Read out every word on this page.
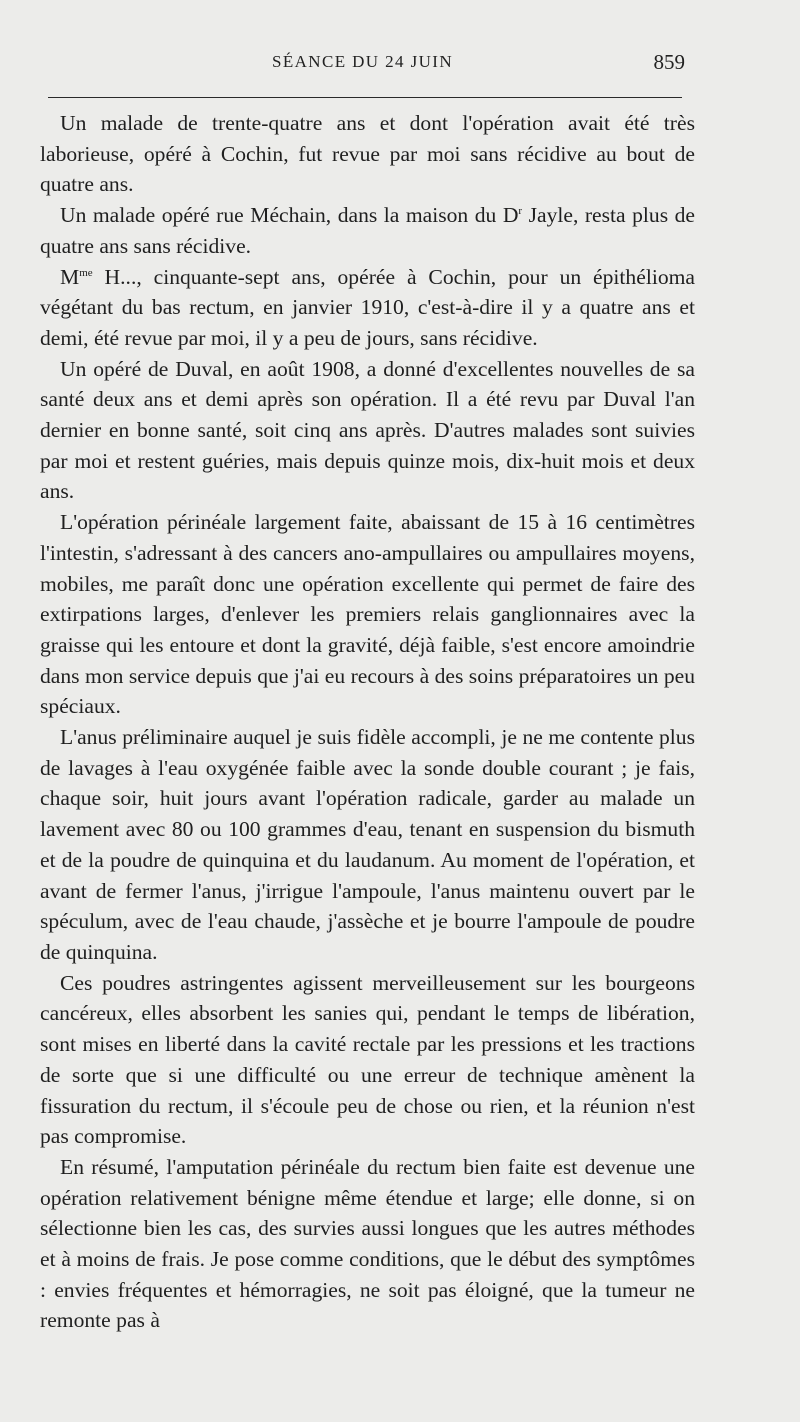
SÉANCE DU 24 JUIN	859

Un malade de trente-quatre ans et dont l'opération avait été très laborieuse, opéré à Cochin, fut revue par moi sans récidive au bout de quatre ans.

Un malade opéré rue Méchain, dans la maison du $D^r$ Jayle, resta plus de quatre ans sans récidive.

$M^{me}$ H..., cinquante-sept ans, opérée à Cochin, pour un épithélioma végétant du bas rectum, en janvier 1910, c'est-à-dire il y a quatre ans et demi, été revue par moi, il y a peu de jours, sans récidive.

Un opéré de Duval, en août 1908, a donné d'excellentes nouvelles de sa santé deux ans et demi après son opération. Il a été revu par Duval l'an dernier en bonne santé, soit cinq ans après. D'autres malades sont suivies par moi et restent guéries, mais depuis quinze mois, dix-huit mois et deux ans.

L'opération périnéale largement faite, abaissant de 15 à 16 centimètres l'intestin, s'adressant à des cancers ano-ampullaires ou ampullaires moyens, mobiles, me paraît donc une opération excellente qui permet de faire des extirpations larges, d'enlever les premiers relais ganglionnaires avec la graisse qui les entoure et dont la gravité, déjà faible, s'est encore amoindrie dans mon service depuis que j'ai eu recours à des soins préparatoires un peu spéciaux.

L'anus préliminaire auquel je suis fidèle accompli, je ne me contente plus de lavages à l'eau oxygénée faible avec la sonde double courant ; je fais, chaque soir, huit jours avant l'opération radicale, garder au malade un lavement avec 80 ou 100 grammes d'eau, tenant en suspension du bismuth et de la poudre de quinquina et du laudanum. Au moment de l'opération, et avant de fermer l'anus, j'irrigue l'ampoule, l'anus maintenu ouvert par le spéculum, avec de l'eau chaude, j'assèche et je bourre l'ampoule de poudre de quinquina.

Ces poudres astringentes agissent merveilleusement sur les bourgeons cancéreux, elles absorbent les sanies qui, pendant le temps de libération, sont mises en liberté dans la cavité rectale par les pressions et les tractions de sorte que si une difficulté ou une erreur de technique amènent la fissuration du rectum, il s'écoule peu de chose ou rien, et la réunion n'est pas compromise.

En résumé, l'amputation périnéale du rectum bien faite est devenue une opération relativement bénigne même étendue et large; elle donne, si on sélectionne bien les cas, des survies aussi longues que les autres méthodes et à moins de frais. Je pose comme conditions, que le début des symptômes : envies fréquentes et hémorragies, ne soit pas éloigné, que la tumeur ne remonte pas à
